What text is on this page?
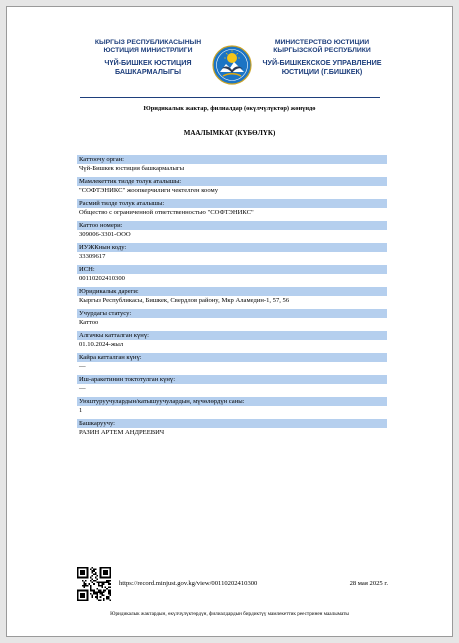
КЫРГЫЗ РЕСПУБЛИКАСЫНЫН
ЮСТИЦИЯ МИНИСТРЛИГИ
ЧҮЙ-БИШКЕК ЮСТИЦИЯ
БАШКАРМАЛЫГЫ
МИНИСТЕРСТВО ЮСТИЦИИ
КЫРГЫЗСКОЙ РЕСПУБЛИКИ
ЧУЙ-БИШКЕКСКОЕ УПРАВЛЕНИЕ
ЮСТИЦИИ (Г.БИШКЕК)
Юридикалык жактар, филиалдар (өкүлчүлүктөр) жөнүндө
МААЛЫМКАТ (КҮБӨЛҮК)
Каттоочу орган:
Чүй-Бишкек юстиция башкармалыгы
Мамлекеттик тилде толук аталышы:
"СОФТЭНИКС" жоопкерчилиги чектелген коому
Расмий тилде толук аталышы:
Общество с ограниченной ответственностью "СОФТЭНИКС"
Каттоо номери:
309006-3301-ООО
ИУЖКнын коду:
33309617
ИСН:
00110202410300
Юридикалык дареги:
Кыргыз Республикасы, Бишкек, Свердлов районy, Мкр Аламедин-1, 57, 56
Учурдагы статусу:
Каттоо
Алгачкы катталган күнү:
01.10.2024-жыл
Кайра катталган күнү:
—
Иш-аракетинин токтотулган күнү:
—
Уюштуруучулардын/катышуучулардын, мүчөлөрдүн саны:
1
Башкаруучу:
РАЗИН АРТЕМ АНДРЕЕВИЧ
https://record.minjust.gov.kg/view/00110202410300	28 мая 2025 г.
Юридикалык жактардын, өкүлчүлүктөрдүн, филиалдардын бирдиктүү мамлекеттик реестринен маалыматы
